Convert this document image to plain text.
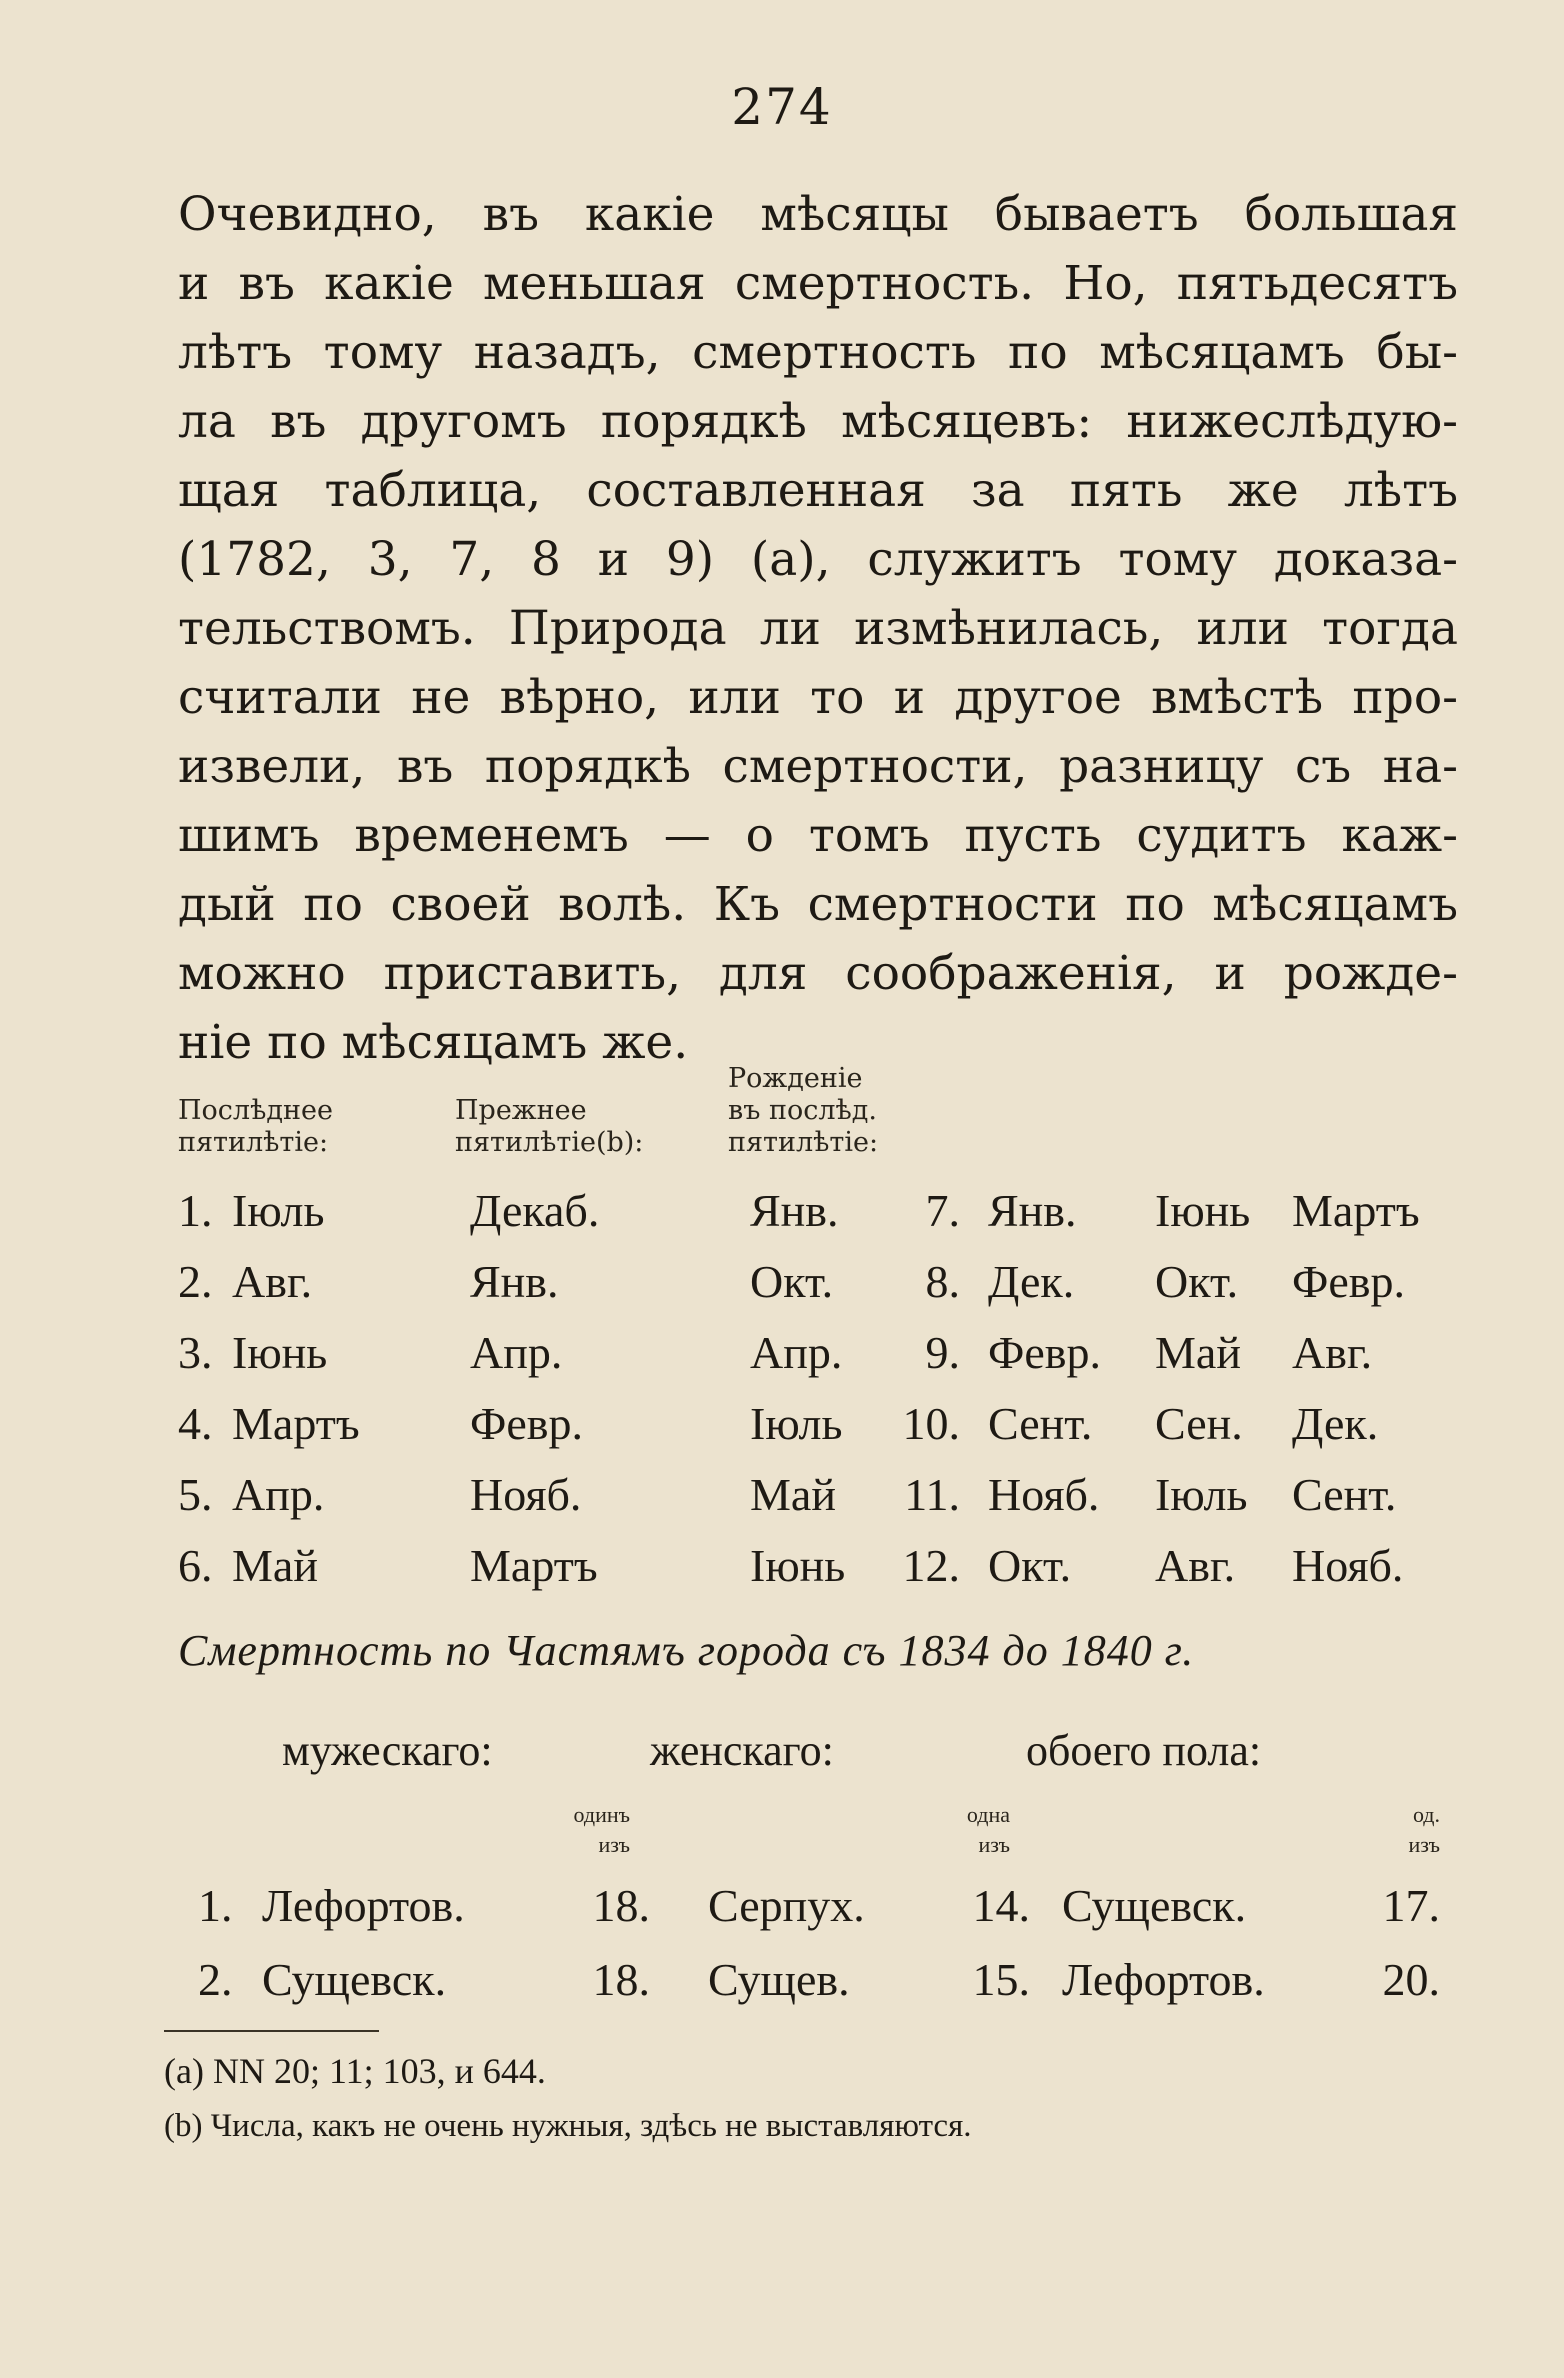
274
Очевидно, въ какіе мѣсяцы бываетъ большая
и въ какіе меньшая смертность. Но, пятьдесятъ
лѣтъ тому назадъ, смертность по мѣсяцамъ бы-
ла въ другомъ порядкѣ мѣсяцевъ: нижеслѣдую-
щая таблица, составленная за пять же лѣтъ
(1782, 3, 7, 8 и 9) (а), служитъ тому доказа-
тельствомъ. Природа ли измѣнилась, или тогда
считали не вѣрно, или то и другое вмѣстѣ про-
извели, въ порядкѣ смертности, разницу съ на-
шимъ временемъ — о томъ пусть судитъ каж-
дый по своей волѣ. Къ смертности по мѣсяцамъ
можно приставить, для соображенія, и рожде-
ніе по мѣсяцамъ же.
Послѣднее
пятилѣтіе:
Прежнее
пятилѣтіе(b):
Рожденіе
въ послѣд.
пятилѣтіе:
1. Іюль	Декаб.	Янв.	7. Янв. Іюнь Мартъ
2. Авг.	Янв.	Окт.	8. Дек. Окт. Февр.
3. Іюнь	Апр.	Апр.	9. Февр. Май Авг.
4. Мартъ Февр.	Іюль	10. Сент. Сен. Дек.
5. Апр.	Нояб.	Май	11. Нояб. Іюль Сент.
6. Май	Мартъ	Іюнь	12. Окт. Авг. Нояб.
Смертность по Частямъ города съ 1834 до 1840 г.
мужескаго:	женскаго:	обоего пола:
одинъ
изъ
одна
изъ
од.
изъ
1. Лефортов.	18. Серпух.	14. Сущевск.	17.
2. Сущевск.	18. Сущев.	15. Лефортов.	20.
(a) NN 20; 11; 103, и 644.
(b) Числа, какъ не очень нужныя, здѣсь не выставляются.
